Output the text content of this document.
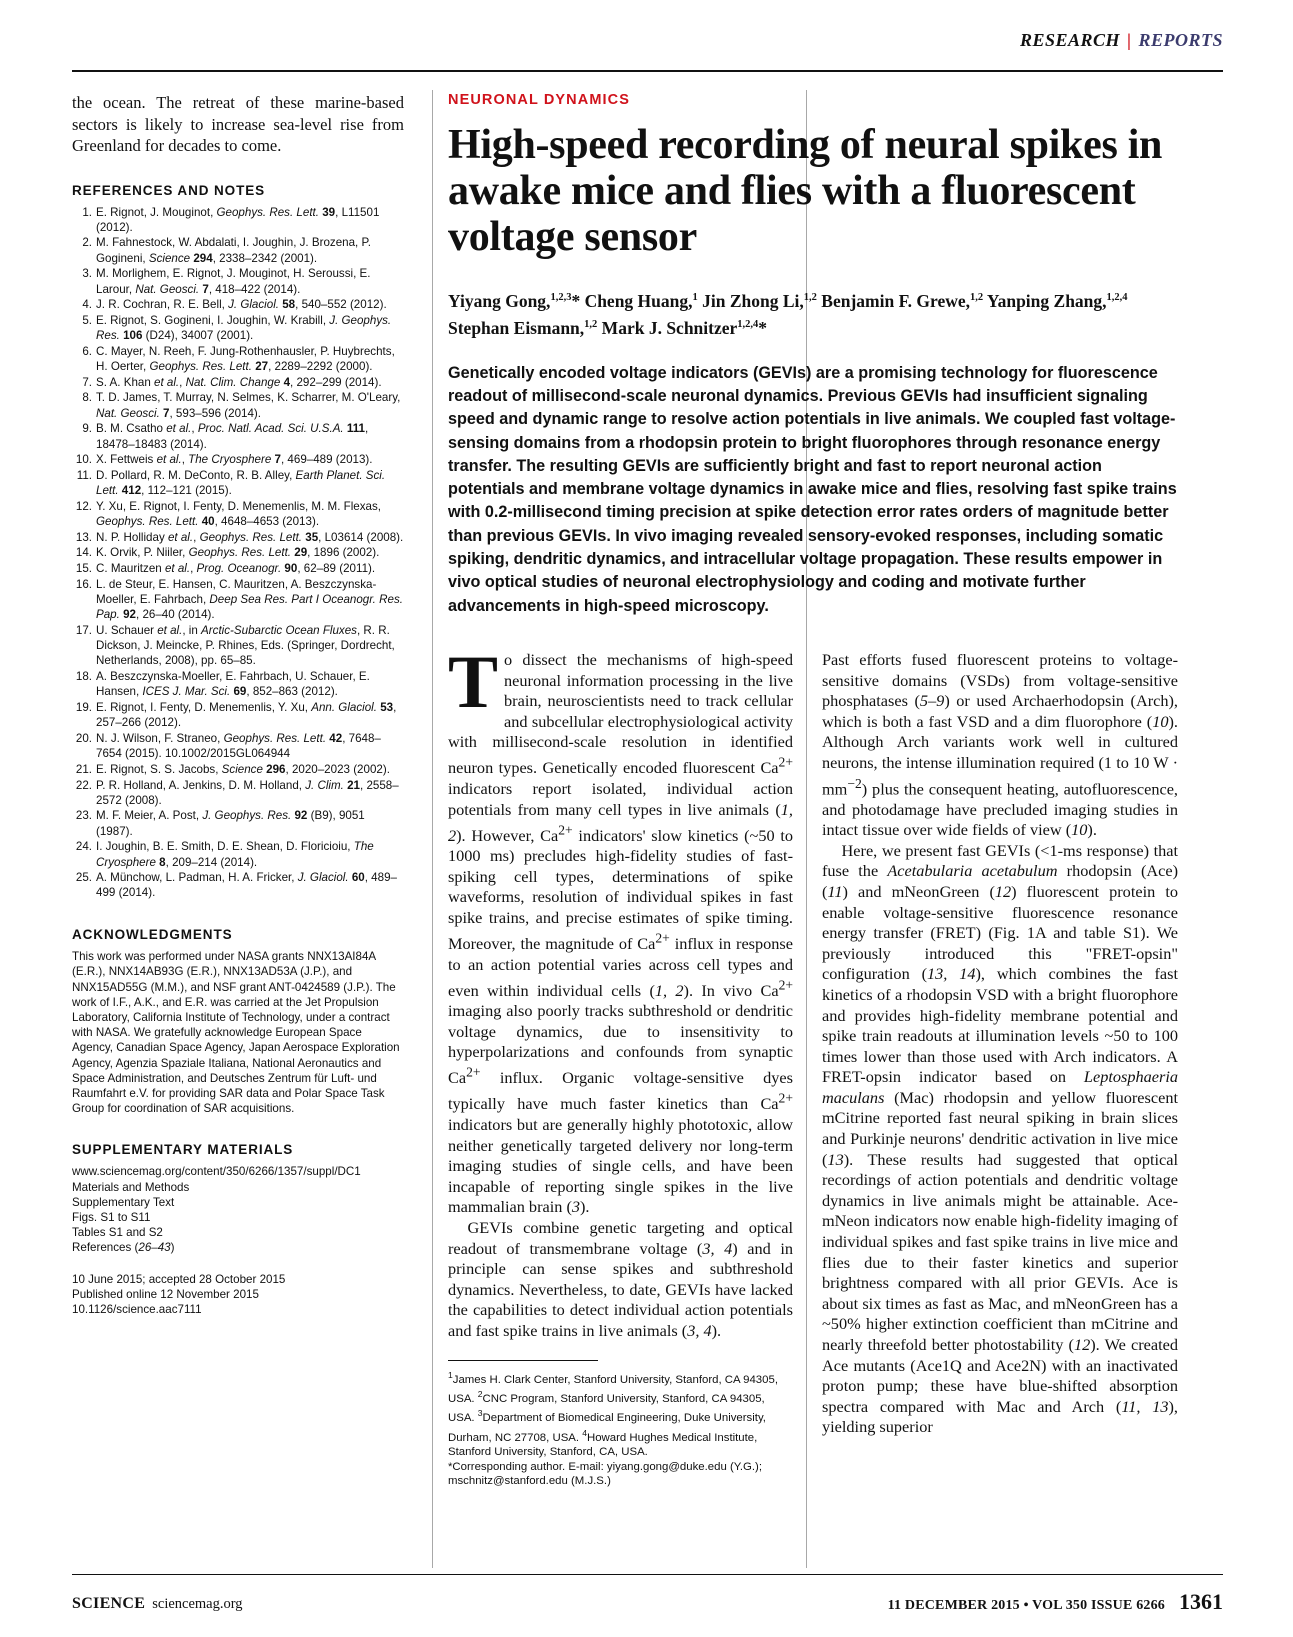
RESEARCH | REPORTS

the ocean. The retreat of these marine-based sectors is likely to increase sea-level rise from Greenland for decades to come.

REFERENCES AND NOTES
1. E. Rignot, J. Mouginot, Geophys. Res. Lett. 39, L11501 (2012).
2. M. Fahnestock, W. Abdalati, I. Joughin, J. Brozena, P. Gogineni, Science 294, 2338–2342 (2001).
3. M. Morlighem, E. Rignot, J. Mouginot, H. Seroussi, E. Larour, Nat. Geosci. 7, 418–422 (2014).
4. J. R. Cochran, R. E. Bell, J. Glaciol. 58, 540–552 (2012).
5. E. Rignot, S. Gogineni, I. Joughin, W. Krabill, J. Geophys. Res. 106 (D24), 34007 (2001).
6. C. Mayer, N. Reeh, F. Jung-Rothenhausler, P. Huybrechts, H. Oerter, Geophys. Res. Lett. 27, 2289–2292 (2000).
7. S. A. Khan et al., Nat. Clim. Change 4, 292–299 (2014).
8. T. D. James, T. Murray, N. Selmes, K. Scharrer, M. O'Leary, Nat. Geosci. 7, 593–596 (2014).
9. B. M. Csatho et al., Proc. Natl. Acad. Sci. U.S.A. 111, 18478–18483 (2014).
10. X. Fettweis et al., The Cryosphere 7, 469–489 (2013).
11. D. Pollard, R. M. DeConto, R. B. Alley, Earth Planet. Sci. Lett. 412, 112–121 (2015).
12. Y. Xu, E. Rignot, I. Fenty, D. Menemenlis, M. M. Flexas, Geophys. Res. Lett. 40, 4648–4653 (2013).
13. N. P. Holliday et al., Geophys. Res. Lett. 35, L03614 (2008).
14. K. Orvik, P. Niiler, Geophys. Res. Lett. 29, 1896 (2002).
15. C. Mauritzen et al., Prog. Oceanogr. 90, 62–89 (2011).
16. L. de Steur, E. Hansen, C. Mauritzen, A. Beszczynska-Moeller, E. Fahrbach, Deep Sea Res. Part I Oceanogr. Res. Pap. 92, 26–40 (2014).
17. U. Schauer et al., in Arctic-Subarctic Ocean Fluxes, R. R. Dickson, J. Meincke, P. Rhines, Eds. (Springer, Dordrecht, Netherlands, 2008), pp. 65–85.
18. A. Beszczynska-Moeller, E. Fahrbach, U. Schauer, E. Hansen, ICES J. Mar. Sci. 69, 852–863 (2012).
19. E. Rignot, I. Fenty, D. Menemenlis, Y. Xu, Ann. Glaciol. 53, 257–266 (2012).
20. N. J. Wilson, F. Straneo, Geophys. Res. Lett. 42, 7648–7654 (2015). 10.1002/2015GL064944
21. E. Rignot, S. S. Jacobs, Science 296, 2020–2023 (2002).
22. P. R. Holland, A. Jenkins, D. M. Holland, J. Clim. 21, 2558–2572 (2008).
23. M. F. Meier, A. Post, J. Geophys. Res. 92 (B9), 9051 (1987).
24. I. Joughin, B. E. Smith, D. E. Shean, D. Floricioiu, The Cryosphere 8, 209–214 (2014).
25. A. Münchow, L. Padman, H. A. Fricker, J. Glaciol. 60, 489–499 (2014).
ACKNOWLEDGMENTS

This work was performed under NASA grants NNX13AI84A (E.R.), NNX14AB93G (E.R.), NNX13AD53A (J.P.), and NNX15AD55G (M.M.), and NSF grant ANT-0424589 (J.P.). The work of I.F., A.K., and E.R. was carried at the Jet Propulsion Laboratory, California Institute of Technology, under a contract with NASA. We gratefully acknowledge European Space Agency, Canadian Space Agency, Japan Aerospace Exploration Agency, Agenzia Spaziale Italiana, National Aeronautics and Space Administration, and Deutsches Zentrum für Luft- und Raumfahrt e.V. for providing SAR data and Polar Space Task Group for coordination of SAR acquisitions.

SUPPLEMENTARY MATERIALS
www.sciencemag.org/content/350/6266/1357/suppl/DC1
Materials and Methods
Supplementary Text
Figs. S1 to S11
Tables S1 and S2
References (26–43)
10 June 2015; accepted 28 October 2015
Published online 12 November 2015
10.1126/science.aac7111
NEURONAL DYNAMICS
High-speed recording of neural spikes in awake mice and flies with a fluorescent voltage sensor
Yiyang Gong,$^{1,2,3}$* Cheng Huang,$^1$ Jin Zhong Li,$^{1,2}$ Benjamin F. Grewe,$^{1,2}$ Yanping Zhang,$^{1,2,4}$ Stephan Eismann,$^{1,2}$ Mark J. Schnitzer$^{1,2,4}$*
Genetically encoded voltage indicators (GEVIs) are a promising technology for fluorescence readout of millisecond-scale neuronal dynamics. Previous GEVIs had insufficient signaling speed and dynamic range to resolve action potentials in live animals. We coupled fast voltage-sensing domains from a rhodopsin protein to bright fluorophores through resonance energy transfer. The resulting GEVIs are sufficiently bright and fast to report neuronal action potentials and membrane voltage dynamics in awake mice and flies, resolving fast spike trains with 0.2-millisecond timing precision at spike detection error rates orders of magnitude better than previous GEVIs. In vivo imaging revealed sensory-evoked responses, including somatic spiking, dendritic dynamics, and intracellular voltage propagation. These results empower in vivo optical studies of neuronal electrophysiology and coding and motivate further advancements in high-speed microscopy.

To dissect the mechanisms of high-speed neuronal information processing in the live brain, neuroscientists need to track cellular and subcellular electrophysiological activity with millisecond-scale resolution in identified neuron types. Genetically encoded fluorescent $Ca^{2+}$ indicators report isolated, individual action potentials from many cell types in live animals (1, 2). However, $Ca^{2+}$ indicators' slow kinetics (~50 to 1000 ms) precludes high-fidelity studies of fast-spiking cell types, determinations of spike waveforms, resolution of individual spikes in fast spike trains, and precise estimates of spike timing. Moreover, the magnitude of $Ca^{2+}$ influx in response to an action potential varies across cell types and even within individual cells (1, 2). In vivo $Ca^{2+}$ imaging also poorly tracks subthreshold or dendritic voltage dynamics, due to insensitivity to hyperpolarizations and confounds from synaptic $Ca^{2+}$ influx. Organic voltage-sensitive dyes typically have much faster kinetics than $Ca^{2+}$ indicators but are generally highly phototoxic, allow neither genetically targeted delivery nor long-term imaging studies of single cells, and have been incapable of reporting single spikes in the live mammalian brain (3).

GEVIs combine genetic targeting and optical readout of transmembrane voltage (3, 4) and in principle can sense spikes and subthreshold dynamics. Nevertheless, to date, GEVIs have lacked the capabilities to detect individual action potentials and fast spike trains in live animals (3, 4).

$^1$James H. Clark Center, Stanford University, Stanford, CA 94305, USA. $^2$CNC Program, Stanford University, Stanford, CA 94305, USA. $^3$Department of Biomedical Engineering, Duke University, Durham, NC 27708, USA. $^4$Howard Hughes Medical Institute, Stanford University, Stanford, CA, USA.

*Corresponding author. E-mail: yiyang.gong@duke.edu (Y.G.); mschnitz@stanford.edu (M.J.S.)

Past efforts fused fluorescent proteins to voltage-sensitive domains (VSDs) from voltage-sensitive phosphatases (5–9) or used Archaerhodopsin (Arch), which is both a fast VSD and a dim fluorophore (10). Although Arch variants work well in cultured neurons, the intense illumination required (1 to 10 $W \cdot mm^{-2}$) plus the consequent heating, autofluorescence, and photodamage have precluded imaging studies in intact tissue over wide fields of view (10).

Here, we present fast GEVIs (<1-ms response) that fuse the Acetabularia acetabulum rhodopsin (Ace) (11) and mNeonGreen (12) fluorescent protein to enable voltage-sensitive fluorescence resonance energy transfer (FRET) (Fig. 1A and table S1). We previously introduced this "FRET-opsin" configuration (13, 14), which combines the fast kinetics of a rhodopsin VSD with a bright fluorophore and provides high-fidelity membrane potential and spike train readouts at illumination levels ~50 to 100 times lower than those used with Arch indicators. A FRET-opsin indicator based on Leptosphaeria maculans (Mac) rhodopsin and yellow fluorescent mCitrine reported fast neural spiking in brain slices and Purkinje neurons' dendritic activation in live mice (13). These results had suggested that optical recordings of action potentials and dendritic voltage dynamics in live animals might be attainable. Ace-mNeon indicators now enable high-fidelity imaging of individual spikes and fast spike trains in live mice and flies due to their faster kinetics and superior brightness compared with all prior GEVIs. Ace is about six times as fast as Mac, and mNeonGreen has a ~50% higher extinction coefficient than mCitrine and nearly threefold better photostability (12). We created Ace mutants (Ace1Q and Ace2N) with an inactivated proton pump; these have blue-shifted absorption spectra compared with Mac and Arch (11, 13), yielding superior

SCIENCE sciencemag.org	11 DECEMBER 2015 • VOL 350 ISSUE 6266 1361
